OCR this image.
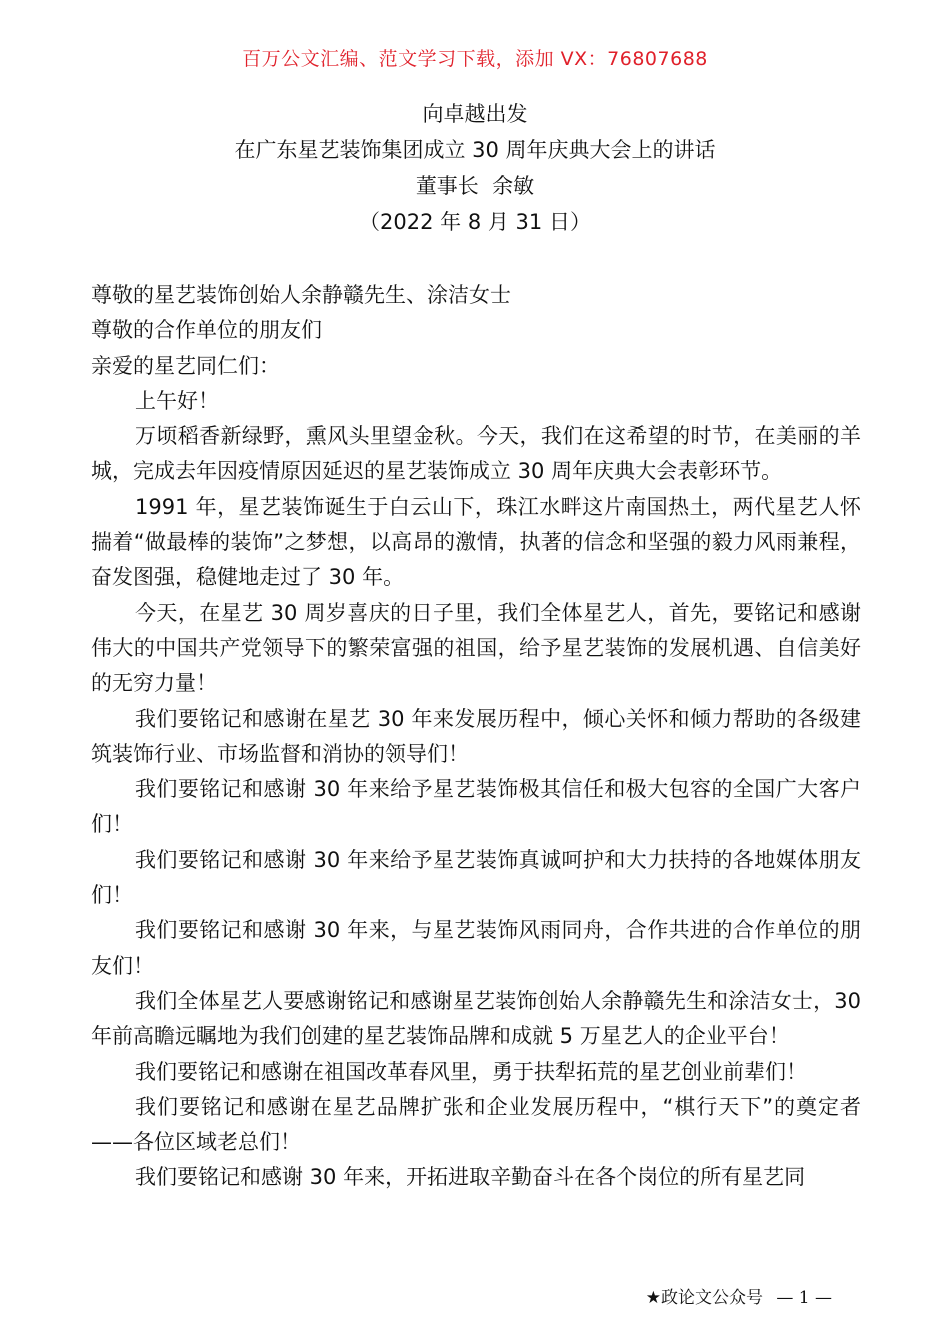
百万公文汇编、范文学习下载，添加 VX：76807688
向卓越出发
在广东星艺装饰集团成立 30 周年庆典大会上的讲话
董事长  余敏
（2022 年 8 月 31 日）
尊敬的星艺装饰创始人余静赣先生、涂洁女士
尊敬的合作单位的朋友们
亲爱的星艺同仁们：

上午好！

万顷稻香新绿野，熏风头里望金秋。今天，我们在这希望的时节，在美丽的羊城，完成去年因疫情原因延迟的星艺装饰成立 30 周年庆典大会表彰环节。

1991 年，星艺装饰诞生于白云山下，珠江水畔这片南国热土，两代星艺人怀揣着“做最棒的装饰”之梦想，以高昂的激情，执著的信念和坚强的毅力风雨兼程，奋发图强，稳健地走过了 30 年。

今天，在星艺 30 周岁喜庆的日子里，我们全体星艺人，首先，要铭记和感谢伟大的中国共产党领导下的繁荣富强的祖国，给予星艺装饰的发展机遇、自信美好的无穷力量！

我们要铭记和感谢在星艺 30 年来发展历程中，倾心关怀和倾力帮助的各级建筑装饰行业、市场监督和消协的领导们！

我们要铭记和感谢 30 年来给予星艺装饰极其信任和极大包容的全国广大客户们！

我们要铭记和感谢 30 年来给予星艺装饰真诚呵护和大力扶持的各地媒体朋友们！

我们要铭记和感谢 30 年来，与星艺装饰风雨同舟，合作共进的合作单位的朋友们！

我们全体星艺人要感谢铭记和感谢星艺装饰创始人余静赣先生和涂洁女士，30 年前高瞻远瞩地为我们创建的星艺装饰品牌和成就 5 万星艺人的企业平台！

我们要铭记和感谢在祖国改革春风里，勇于扶犁拓荒的星艺创业前辈们！

我们要铭记和感谢在星艺品牌扩张和企业发展历程中，“棋行天下”的奠定者——各位区域老总们！

我们要铭记和感谢 30 年来，开拓进取辛勤奋斗在各个岗位的所有星艺同

★政论文公众号 — 1 —
